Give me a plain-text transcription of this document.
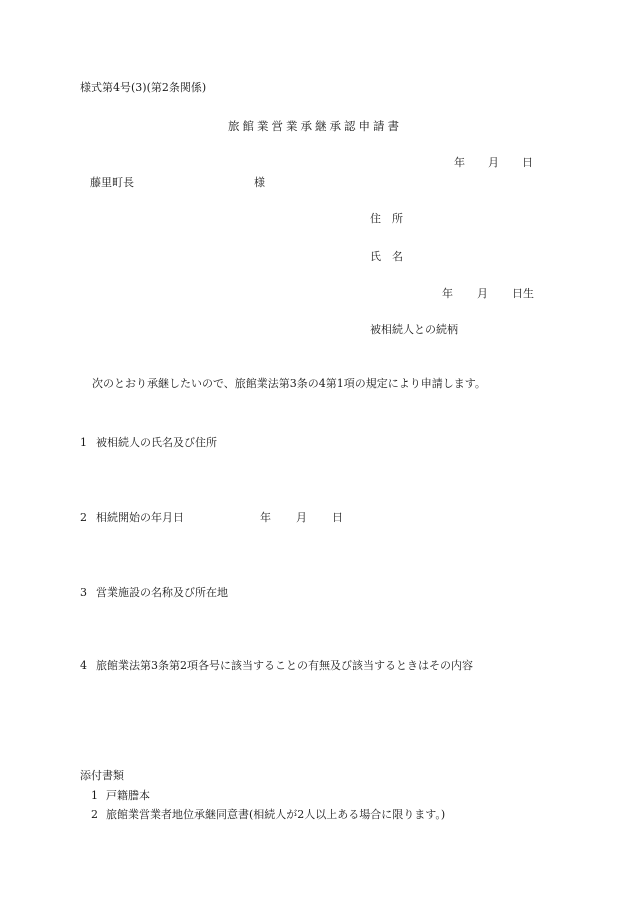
様式第4号(3)(第2条関係)
旅館業営業承継承認申請書
年 月 日
藤里町長	様
住　所
氏　名
年 月 日生
被相続人との続柄
次のとおり承継したいので、旅館業法第3条の4第1項の規定により申請します。
1 被相続人の氏名及び住所
2 相続開始の年月日	年 月 日
3 営業施設の名称及び所在地
4 旅館業法第3条第2項各号に該当することの有無及び該当するときはその内容
添付書類
1 戸籍謄本
2 旅館業営業者地位承継同意書(相続人が2人以上ある場合に限ります。)
